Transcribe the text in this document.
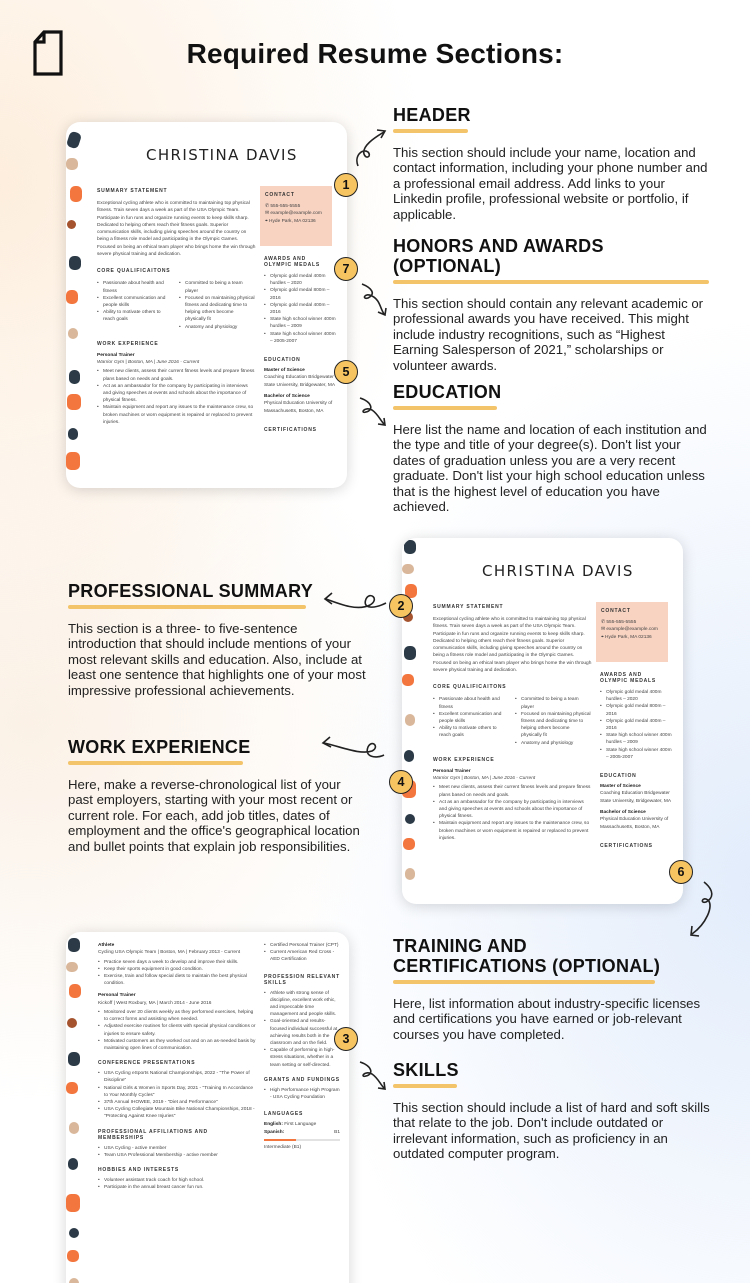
Required Resume Sections:
CHRISTINA DAVIS
SUMMARY STATEMENT
Exceptional cycling athlete who is committed to maintaining top physical fitness. Train seven days a week as part of the USA Olympic Team. Participate in fun runs and organize running events to keep skills sharp. Dedicated to helping others reach their fitness goals. Superior communication skills, including giving speeches around the country on being a fitness role model and participating in the Olympic Games. Focused on being an ethical team player who brings home the win through severe physical training and dedication.
CORE QUALIFICAITONS
• Passionate about health and fitness
• Excellent communication and people skills
• Ability to motivate others to reach goals
• Committed to being a team player
• Focused on maintaining physical fitness and dedicating time to helping others become physically fit
• Anatomy and physiology
WORK EXPERIENCE
Personal Trainer
Warrior Gym | Boston, MA | June 2016 - Current
• Meet new clients, assess their current fitness levels and prepare fitness plans based on needs and goals.
• Act as an ambassador for the company by participating in interviews and giving speeches at events and schools about the importance of physical fitness.
• Maintain equipment and report any issues to the maintenance crew, so broken machines or worn equipment is repaired or replaced to prevent injuries.
CONTACT
✆ 555-555-5555
✉ example@example.com
⌖ Hyde Park, MA 02136
AWARDS AND OLYMPIC MEDALS
• Olympic gold medal 400m hurdles – 2020
• Olympic gold medal 800m – 2016
• Olympic gold medal 400m – 2016
• State high school winner 400m hurdles – 2009
• State high school winner 400m – 2005-2007
EDUCATION
Master of Science
Coaching Education Bridgewater State University, Bridgewater, MA
Bachelor of Science
Physical Education University of Massachusetts, Boston, MA
CERTIFICATIONS
1
7
5
HEADER
This section should include your name, location and contact information, including your phone number and a professional email address. Add links to your Linkedin profile, professional website or portfolio, if applicable.
HONORS AND AWARDS (OPTIONAL)
This section should contain any relevant academic or professional awards you have received. This might include industry recognitions, such as “Highest Earning Salesperson of 2021,” scholarships or volunteer awards.
EDUCATION
Here list the name and location of each institution and the type and title of your degree(s). Don't list your dates of graduation unless you are a very recent graduate. Don't list your high school education unless that is the highest level of education you have achieved.
CHRISTINA DAVIS
SUMMARY STATEMENT
Exceptional cycling athlete who is committed to maintaining top physical fitness. Train seven days a week as part of the USA Olympic Team. Participate in fun runs and organize running events to keep skills sharp. Dedicated to helping others reach their fitness goals. Superior communication skills, including giving speeches around the country on being a fitness role model and participating in the Olympic Games. Focused on being an ethical team player who brings home the win through severe physical training and dedication.
CORE QUALIFICAITONS
• Passionate about health and fitness
• Excellent communication and people skills
• Ability to motivate others to reach goals
• Committed to being a team player
• Focused on maintaining physical fitness and dedicating time to helping others become physically fit
• Anatomy and physiology
WORK EXPERIENCE
Personal Trainer
Warrior Gym | Boston, MA | June 2016 - Current
• Meet new clients, assess their current fitness levels and prepare fitness plans based on needs and goals.
• Act as an ambassador for the company by participating in interviews and giving speeches at events and schools about the importance of physical fitness.
• Maintain equipment and report any issues to the maintenance crew, so broken machines or worn equipment is repaired or replaced to prevent injuries.
CONTACT
✆ 555-555-5555
✉ example@example.com
⌖ Hyde Park, MA 02136
AWARDS AND OLYMPIC MEDALS
• Olympic gold medal 400m hurdles – 2020
• Olympic gold medal 800m – 2016
• Olympic gold medal 400m – 2016
• State high school winner 400m hurdles – 2009
• State high school winner 400m – 2005-2007
EDUCATION
Master of Science
Coaching Education Bridgewater State University, Bridgewater, MA
Bachelor of Science
Physical Education University of Massachusetts, Boston, MA
CERTIFICATIONS
2
4
6
PROFESSIONAL SUMMARY
This section is a three- to five-sentence introduction that should include mentions of your most relevant skills and education. Also, include at least one sentence that highlights one of your most impressive professional achievements.
WORK EXPERIENCE
Here, make a reverse-chronological list of your past employers, starting with your most recent or current role. For each, add job titles, dates of employment and the office's geographical location and bullet points that explain job responsibilities.
Athlete
Cycling USA Olympic Team | Boston, MA | February 2013 - Current
• Practice seven days a week to develop and improve their skills.
• Keep their sports equipment in good condition.
• Exercise, train and follow special diets to maintain the best physical condition.
Personal Trainer
Kickoff | West Roxbury, MA | March 2014 - June 2016
• Monitored over 20 clients weekly as they performed exercises, helping to correct forms and assisting when needed.
• Adjusted exercise routines for clients with special physical conditions or injuries to ensure safety.
• Motivated customers as they worked out and on an as-needed basis by maintaining open lines of communication.
CONFERENCE PRESENTATIONS
• USA Cycling eSports National Championships, 2022 - "The Power of Discipline"
• National Girls & Women in Sports Day, 2021 - "Training In Accordance to Your Monthly Cycles"
• 37th Annual IHOWEE, 2019 - "Diet and Performance"
• USA Cycling Collegiate Mountain Bike National Championships, 2018 - "Protecting Against Knee Injuries"
PROFESSIONAL AFFILIATIONS AND MEMBERSHIPS
• USA Cycling - active member
• Team USA Professional Membership - active member
HOBBIES AND INTERESTS
• Volunteer assistant track coach for high school.
• Participate in the annual breast cancer fun run.
• Certified Personal Trainer (CPT)
• Current American Red Cross - AED Certification
PROFESSION RELEVANT SKILLS
• Athlete with strong sense of discipline, excellent work ethic, and impeccable time management and people skills.
• Goal-oriented and results-focused individual successful at achieving results both in the classroom and on the field.
• Capable of performing in high-stress situations, whether in a team setting or self-directed.
GRANTS AND FUNDINGS
• High Performance High Program - USA Cycling Foundation
LANGUAGES
English: First Language
Spanish:	B1
Intermediate (B1)
3
TRAINING AND CERTIFICATIONS (OPTIONAL)
Here, list information about industry-specific licenses and certifications you have earned or job-relevant courses you have completed.
SKILLS
This section should include a list of hard and soft skills that relate to the job. Don't include outdated or irrelevant information, such as proficiency in an outdated computer program.
